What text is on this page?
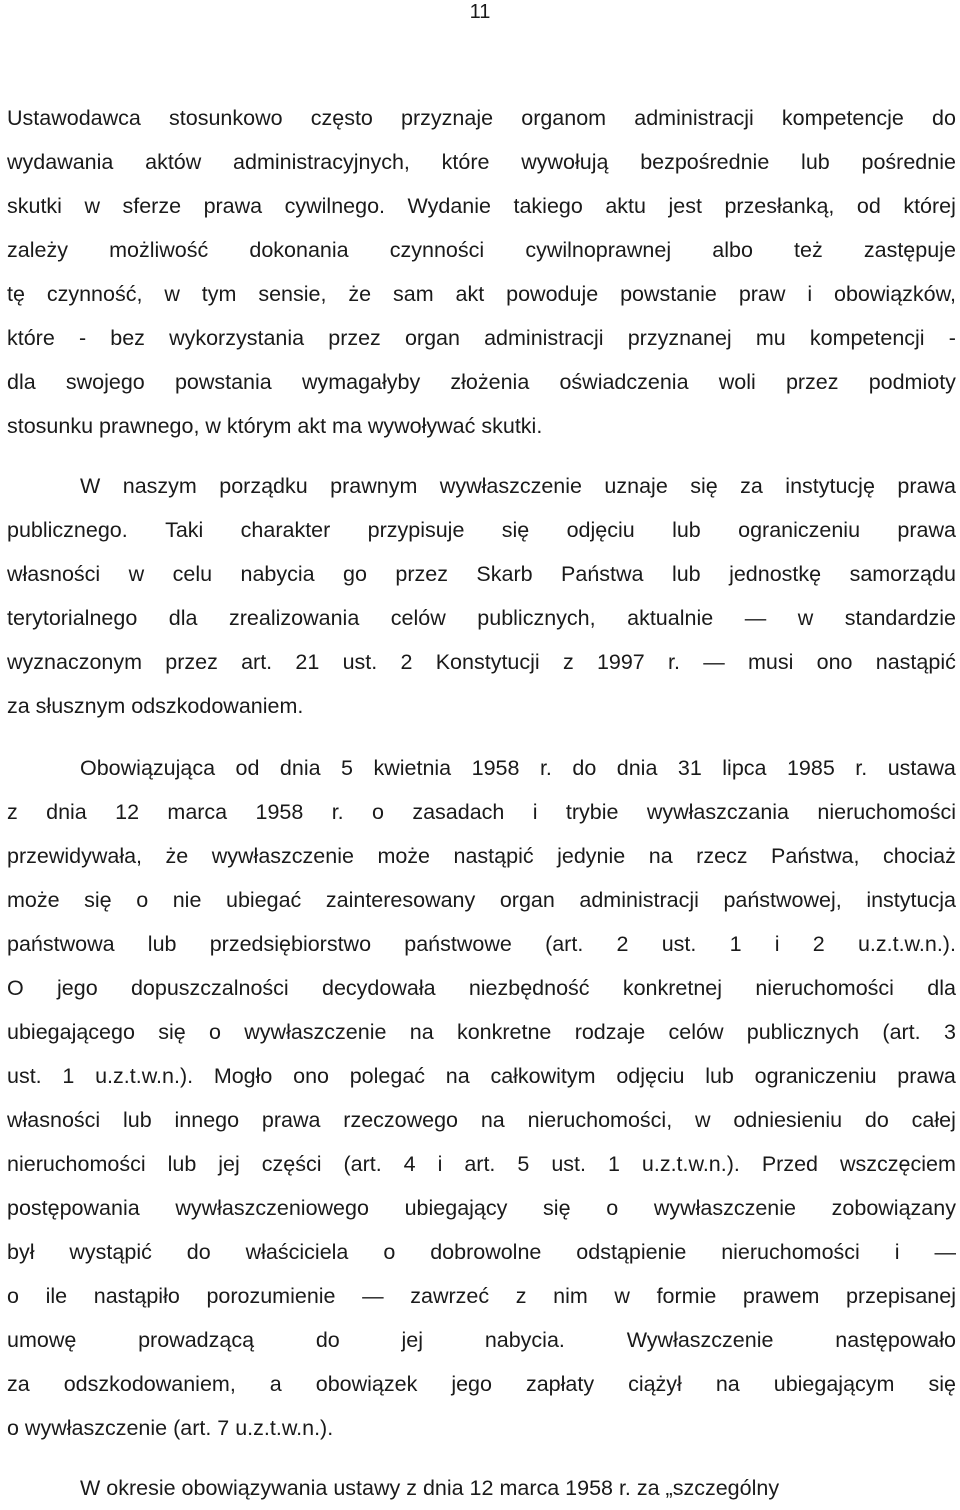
11
Ustawodawca stosunkowo często przyznaje organom administracji kompetencje do
wydawania aktów administracyjnych, które wywołują bezpośrednie lub pośrednie
skutki w sferze prawa cywilnego. Wydanie takiego aktu jest przesłanką, od której
zależy możliwość dokonania czynności cywilnoprawnej albo też zastępuje
tę czynność, w tym sensie, że sam akt powoduje powstanie praw i obowiązków,
które - bez wykorzystania przez organ administracji przyznanej mu kompetencji -
dla swojego powstania wymagałyby złożenia oświadczenia woli przez podmioty
stosunku prawnego, w którym akt ma wywoływać skutki.
W naszym porządku prawnym wywłaszczenie uznaje się za instytucję prawa
publicznego. Taki charakter przypisuje się odjęciu lub ograniczeniu prawa
własności w celu nabycia go przez Skarb Państwa lub jednostkę samorządu
terytorialnego dla zrealizowania celów publicznych, aktualnie — w standardzie
wyznaczonym przez art. 21 ust. 2 Konstytucji z 1997 r. — musi ono nastąpić
za słusznym odszkodowaniem.
Obowiązująca od dnia 5 kwietnia 1958 r. do dnia 31 lipca 1985 r. ustawa
z dnia 12 marca 1958 r. o zasadach i trybie wywłaszczania nieruchomości
przewidywała, że wywłaszczenie może nastąpić jedynie na rzecz Państwa, chociaż
może się o nie ubiegać zainteresowany organ administracji państwowej, instytucja
państwowa lub przedsiębiorstwo państwowe (art. 2 ust. 1 i 2 u.z.t.w.n.).
O jego dopuszczalności decydowała niezbędność konkretnej nieruchomości dla
ubiegającego się o wywłaszczenie na konkretne rodzaje celów publicznych (art. 3
ust. 1 u.z.t.w.n.). Mogło ono polegać na całkowitym odjęciu lub ograniczeniu prawa
własności lub innego prawa rzeczowego na nieruchomości, w odniesieniu do całej
nieruchomości lub jej części (art. 4 i art. 5 ust. 1 u.z.t.w.n.). Przed wszczęciem
postępowania wywłaszczeniowego ubiegający się o wywłaszczenie zobowiązany
był wystąpić do właściciela o dobrowolne odstąpienie nieruchomości i —
o ile nastąpiło porozumienie — zawrzeć z nim w formie prawem przepisanej
umowę	prowadzącą	do	jej	nabycia.	Wywłaszczenie	następowało
za odszkodowaniem, a obowiązek jego zapłaty ciążył na ubiegającym się
o wywłaszczenie (art. 7 u.z.t.w.n.).
W okresie obowiązywania ustawy z dnia 12 marca 1958 r. za „szczególny
